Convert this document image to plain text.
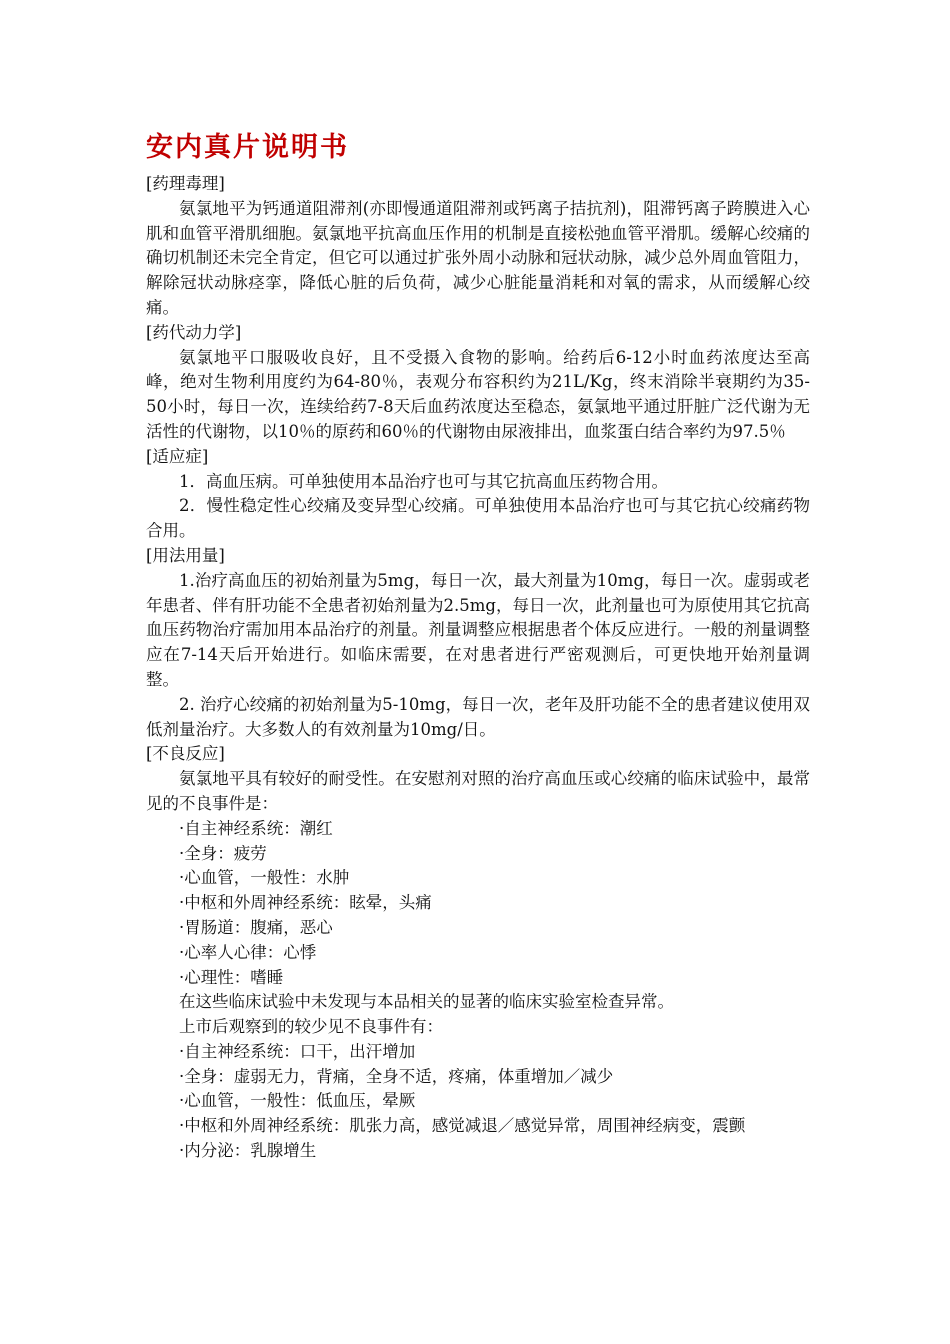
安内真片说明书

[药理毒理]

氨氯地平为钙通道阻滞剂(亦即慢通道阻滞剂或钙离子拮抗剂)，阻滞钙离子跨膜进入心肌和血管平滑肌细胞。氨氯地平抗高血压作用的机制是直接松弛血管平滑肌。缓解心绞痛的确切机制还未完全肯定，但它可以通过扩张外周小动脉和冠状动脉，减少总外周血管阻力，解除冠状动脉痉挛，降低心脏的后负荷，减少心脏能量消耗和对氧的需求，从而缓解心绞痛。

[药代动力学]

氨氯地平口服吸收良好，且不受摄入食物的影响。给药后6-12小时血药浓度达至高峰，绝对生物利用度约为64-80％，表观分布容积约为21L/Kg，终末消除半衰期约为35-50小时，每日一次，连续给药7-8天后血药浓度达至稳态，氨氯地平通过肝脏广泛代谢为无活性的代谢物，以10％的原药和60％的代谢物由尿液排出，血浆蛋白结合率约为97.5％

[适应症]

1．高血压病。可单独使用本品治疗也可与其它抗高血压药物合用。

2．慢性稳定性心绞痛及变异型心绞痛。可单独使用本品治疗也可与其它抗心绞痛药物合用。

[用法用量]

1.治疗高血压的初始剂量为5mg，每日一次，最大剂量为10mg，每日一次。虚弱或老年患者、伴有肝功能不全患者初始剂量为2.5mg，每日一次，此剂量也可为原使用其它抗高血压药物治疗需加用本品治疗的剂量。剂量调整应根据患者个体反应进行。一般的剂量调整应在7-14天后开始进行。如临床需要，在对患者进行严密观测后，可更快地开始剂量调整。

2. 治疗心绞痛的初始剂量为5-10mg，每日一次，老年及肝功能不全的患者建议使用双低剂量治疗。大多数人的有效剂量为10mg/日。

[不良反应]

氨氯地平具有较好的耐受性。在安慰剂对照的治疗高血压或心绞痛的临床试验中，最常见的不良事件是：

·自主神经系统：潮红

·全身：疲劳

·心血管，一般性：水肿

·中枢和外周神经系统：眩晕，头痛

·胃肠道：腹痛，恶心

·心率人心律：心悸

·心理性：嗜睡

在这些临床试验中未发现与本品相关的显著的临床实验室检查异常。

上市后观察到的较少见不良事件有：

·自主神经系统：口干，出汗增加

·全身：虚弱无力，背痛，全身不适，疼痛，体重增加／减少

·心血管，一般性：低血压，晕厥

·中枢和外周神经系统：肌张力高，感觉减退／感觉异常，周围神经病变，震颤

·内分泌：乳腺增生
